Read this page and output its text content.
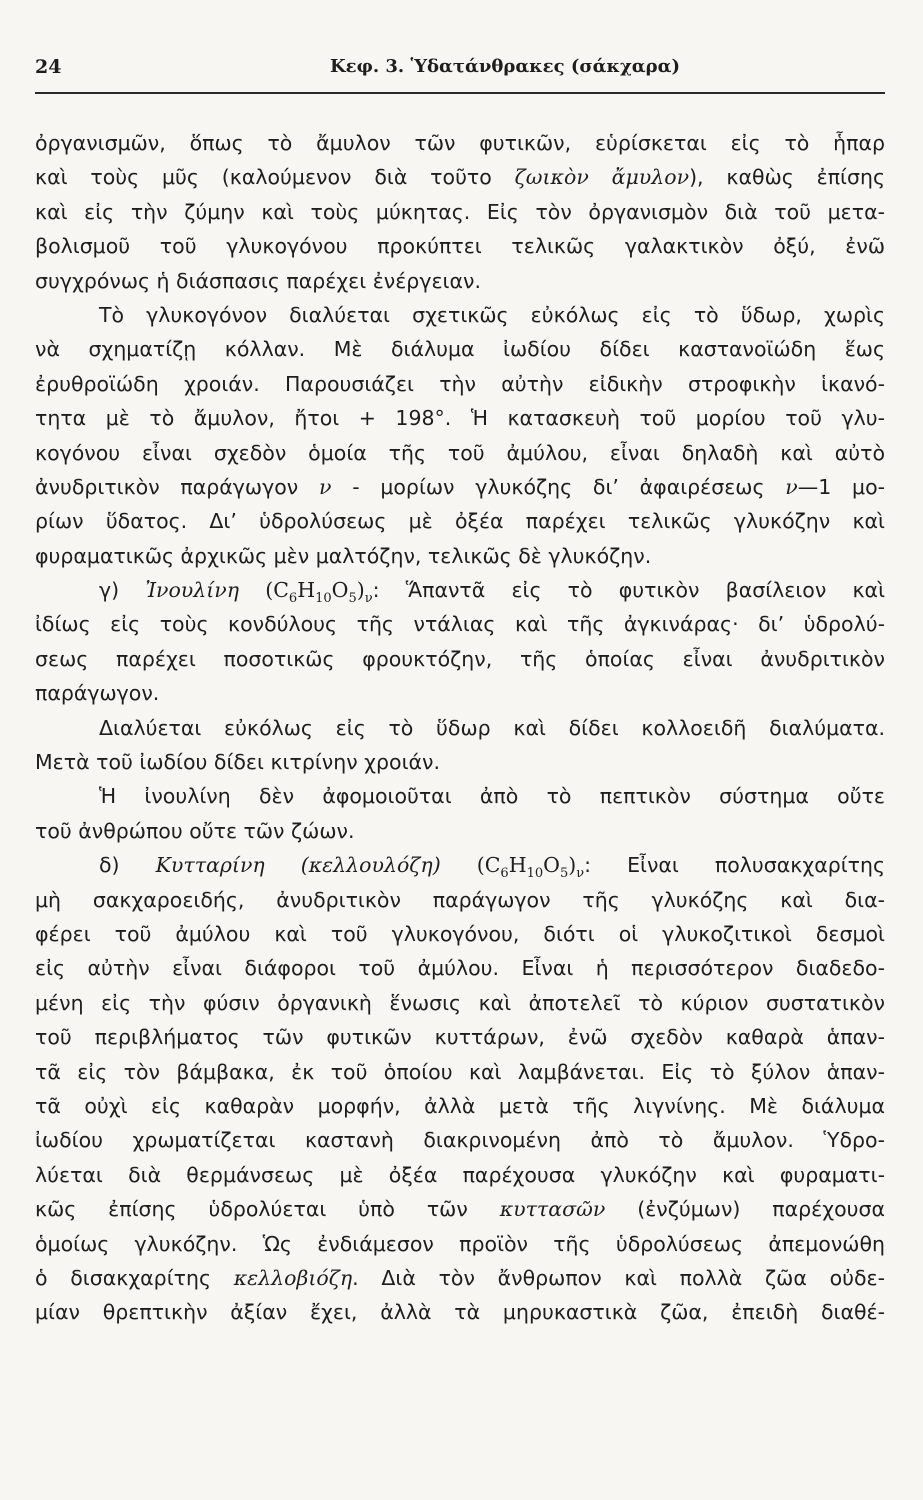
24	Κεφ. 3. Ὑδατάνθρακες (σάκχαρα)
ὀργανισμῶν, ὅπως τὸ ἄμυλον τῶν φυτικῶν, εὑρίσκεται εἰς τὸ ἧπαρ
καὶ τοὺς μῦς (καλούμενον διὰ τοῦτο ζωικὸν ἄμυλον), καθὼς ἐπίσης
καὶ εἰς τὴν ζύμην καὶ τοὺς μύκητας. Εἰς τὸν ὀργανισμὸν διὰ τοῦ μετα-
βολισμοῦ τοῦ γλυκογόνου προκύπτει τελικῶς γαλακτικὸν ὀξύ, ἐνῶ
συγχρόνως ἡ διάσπασις παρέχει ἐνέργειαν.
Τὸ γλυκογόνον διαλύεται σχετικῶς εὐκόλως εἰς τὸ ὕδωρ, χωρὶς
νὰ σχηματίζῃ κόλλαν. Μὲ διάλυμα ἰωδίου δίδει καστανοϊώδη ἕως
ἐρυθροϊώδη χροιάν. Παρουσιάζει τὴν αὐτὴν εἰδικὴν στροφικὴν ἱκανό-
τητα μὲ τὸ ἄμυλον, ἤτοι + 198°. Ἡ κατασκευὴ τοῦ μορίου τοῦ γλυ-
κογόνου εἶναι σχεδὸν ὁμοία τῆς τοῦ ἀμύλου, εἶναι δηλαδὴ καὶ αὐτὸ
ἀνυδριτικὸν παράγωγον ν - μορίων γλυκόζης δι’ ἀφαιρέσεως ν—1 μο-
ρίων ὕδατος. Δι’ ὑδρολύσεως μὲ ὀξέα παρέχει τελικῶς γλυκόζην καὶ
φυραματικῶς ἀρχικῶς μὲν μαλτόζην, τελικῶς δὲ γλυκόζην.
γ) Ἰνουλίνη $(C_6H_{10}O_5)_\nu$: Ἅπαντᾶ εἰς τὸ φυτικὸν βασίλειον καὶ
ἰδίως εἰς τοὺς κονδύλους τῆς ντάλιας καὶ τῆς ἀγκινάρας· δι’ ὑδρολύ-
σεως παρέχει ποσοτικῶς φρουκτόζην, τῆς ὁποίας εἶναι ἀνυδριτικὸν
παράγωγον.
Διαλύεται εὐκόλως εἰς τὸ ὕδωρ καὶ δίδει κολλοειδῆ διαλύματα.
Μετὰ τοῦ ἰωδίου δίδει κιτρίνην χροιάν.
Ἡ ἰνουλίνη δὲν ἀφομοιοῦται ἀπὸ τὸ πεπτικὸν σύστημα οὔτε
τοῦ ἀνθρώπου οὔτε τῶν ζώων.
δ) Κυτταρίνη (κελλουλόζη) $(C_6H_{10}O_5)_\nu$: Εἶναι πολυσακχαρίτης
μὴ σακχαροειδής, ἀνυδριτικὸν παράγωγον τῆς γλυκόζης καὶ δια-
φέρει τοῦ ἀμύλου καὶ τοῦ γλυκογόνου, διότι οἱ γλυκοζιτικοὶ δεσμοὶ
εἰς αὐτὴν εἶναι διάφοροι τοῦ ἀμύλου. Εἶναι ἡ περισσότερον διαδεδο-
μένη εἰς τὴν φύσιν ὀργανικὴ ἕνωσις καὶ ἀποτελεῖ τὸ κύριον συστατικὸν
τοῦ περιβλήματος τῶν φυτικῶν κυττάρων, ἐνῶ σχεδὸν καθαρὰ ἁπαν-
τᾶ εἰς τὸν βάμβακα, ἐκ τοῦ ὁποίου καὶ λαμβάνεται. Εἰς τὸ ξύλον ἁπαν-
τᾶ οὐχὶ εἰς καθαρὰν μορφήν, ἀλλὰ μετὰ τῆς λιγνίνης. Μὲ διάλυμα
ἰωδίου χρωματίζεται καστανὴ διακρινομένη ἀπὸ τὸ ἄμυλον. Ὑδρο-
λύεται διὰ θερμάνσεως μὲ ὀξέα παρέχουσα γλυκόζην καὶ φυραματι-
κῶς ἐπίσης ὑδρολύεται ὑπὸ τῶν κυττασῶν (ἐνζύμων) παρέχουσα
ὁμοίως γλυκόζην. Ὡς ἐνδιάμεσον προϊὸν τῆς ὑδρολύσεως ἀπεμονώθη
ὁ δισακχαρίτης κελλοβιόζη. Διὰ τὸν ἄνθρωπον καὶ πολλὰ ζῶα οὐδε-
μίαν θρεπτικὴν ἀξίαν ἔχει, ἀλλὰ τὰ μηρυκαστικὰ ζῶα, ἐπειδὴ διαθέ-
